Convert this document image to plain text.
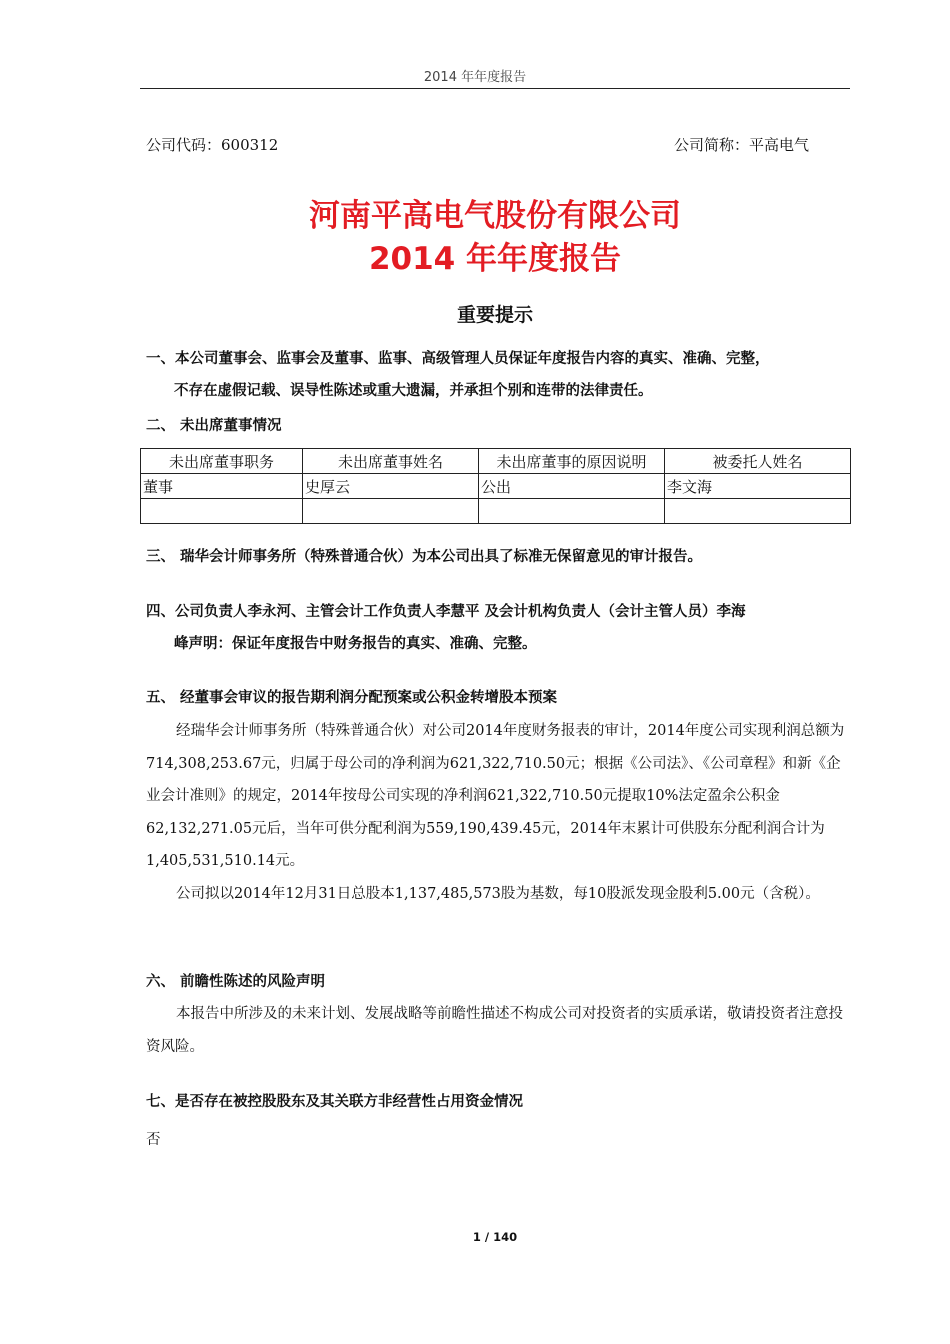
2014 年年度报告
公司代码：600312	公司简称：平高电气
河南平高电气股份有限公司
2014 年年度报告
重要提示
一、本公司董事会、监事会及董事、监事、高级管理人员保证年度报告内容的真实、准确、完整，
不存在虚假记载、误导性陈述或重大遗漏，并承担个别和连带的法律责任。
二、 未出席董事情况
未出席董事职务	未出席董事姓名	未出席董事的原因说明	被委托人姓名
董事	史厚云	公出	李文海

三、 瑞华会计师事务所（特殊普通合伙）为本公司出具了标准无保留意见的审计报告。
四、公司负责人李永河、主管会计工作负责人李慧平 及会计机构负责人（会计主管人员）李海
峰声明：保证年度报告中财务报告的真实、准确、完整。
五、 经董事会审议的报告期利润分配预案或公积金转增股本预案
经瑞华会计师事务所（特殊普通合伙）对公司2014年度财务报表的审计，2014年度公司实现利润总额为714,308,253.67元，归属于母公司的净利润为621,322,710.50元；根据《公司法》、《公司章程》和新《企业会计准则》的规定，2014年按母公司实现的净利润621,322,710.50元提取10%法定盈余公积金62,132,271.05元后，当年可供分配利润为559,190,439.45元，2014年末累计可供股东分配利润合计为1,405,531,510.14元。
公司拟以2014年12月31日总股本1,137,485,573股为基数，每10股派发现金股利5.00元（含税）。
六、 前瞻性陈述的风险声明
本报告中所涉及的未来计划、发展战略等前瞻性描述不构成公司对投资者的实质承诺，敬请投资者注意投资风险。
七、是否存在被控股股东及其关联方非经营性占用资金情况
否
1 / 140
